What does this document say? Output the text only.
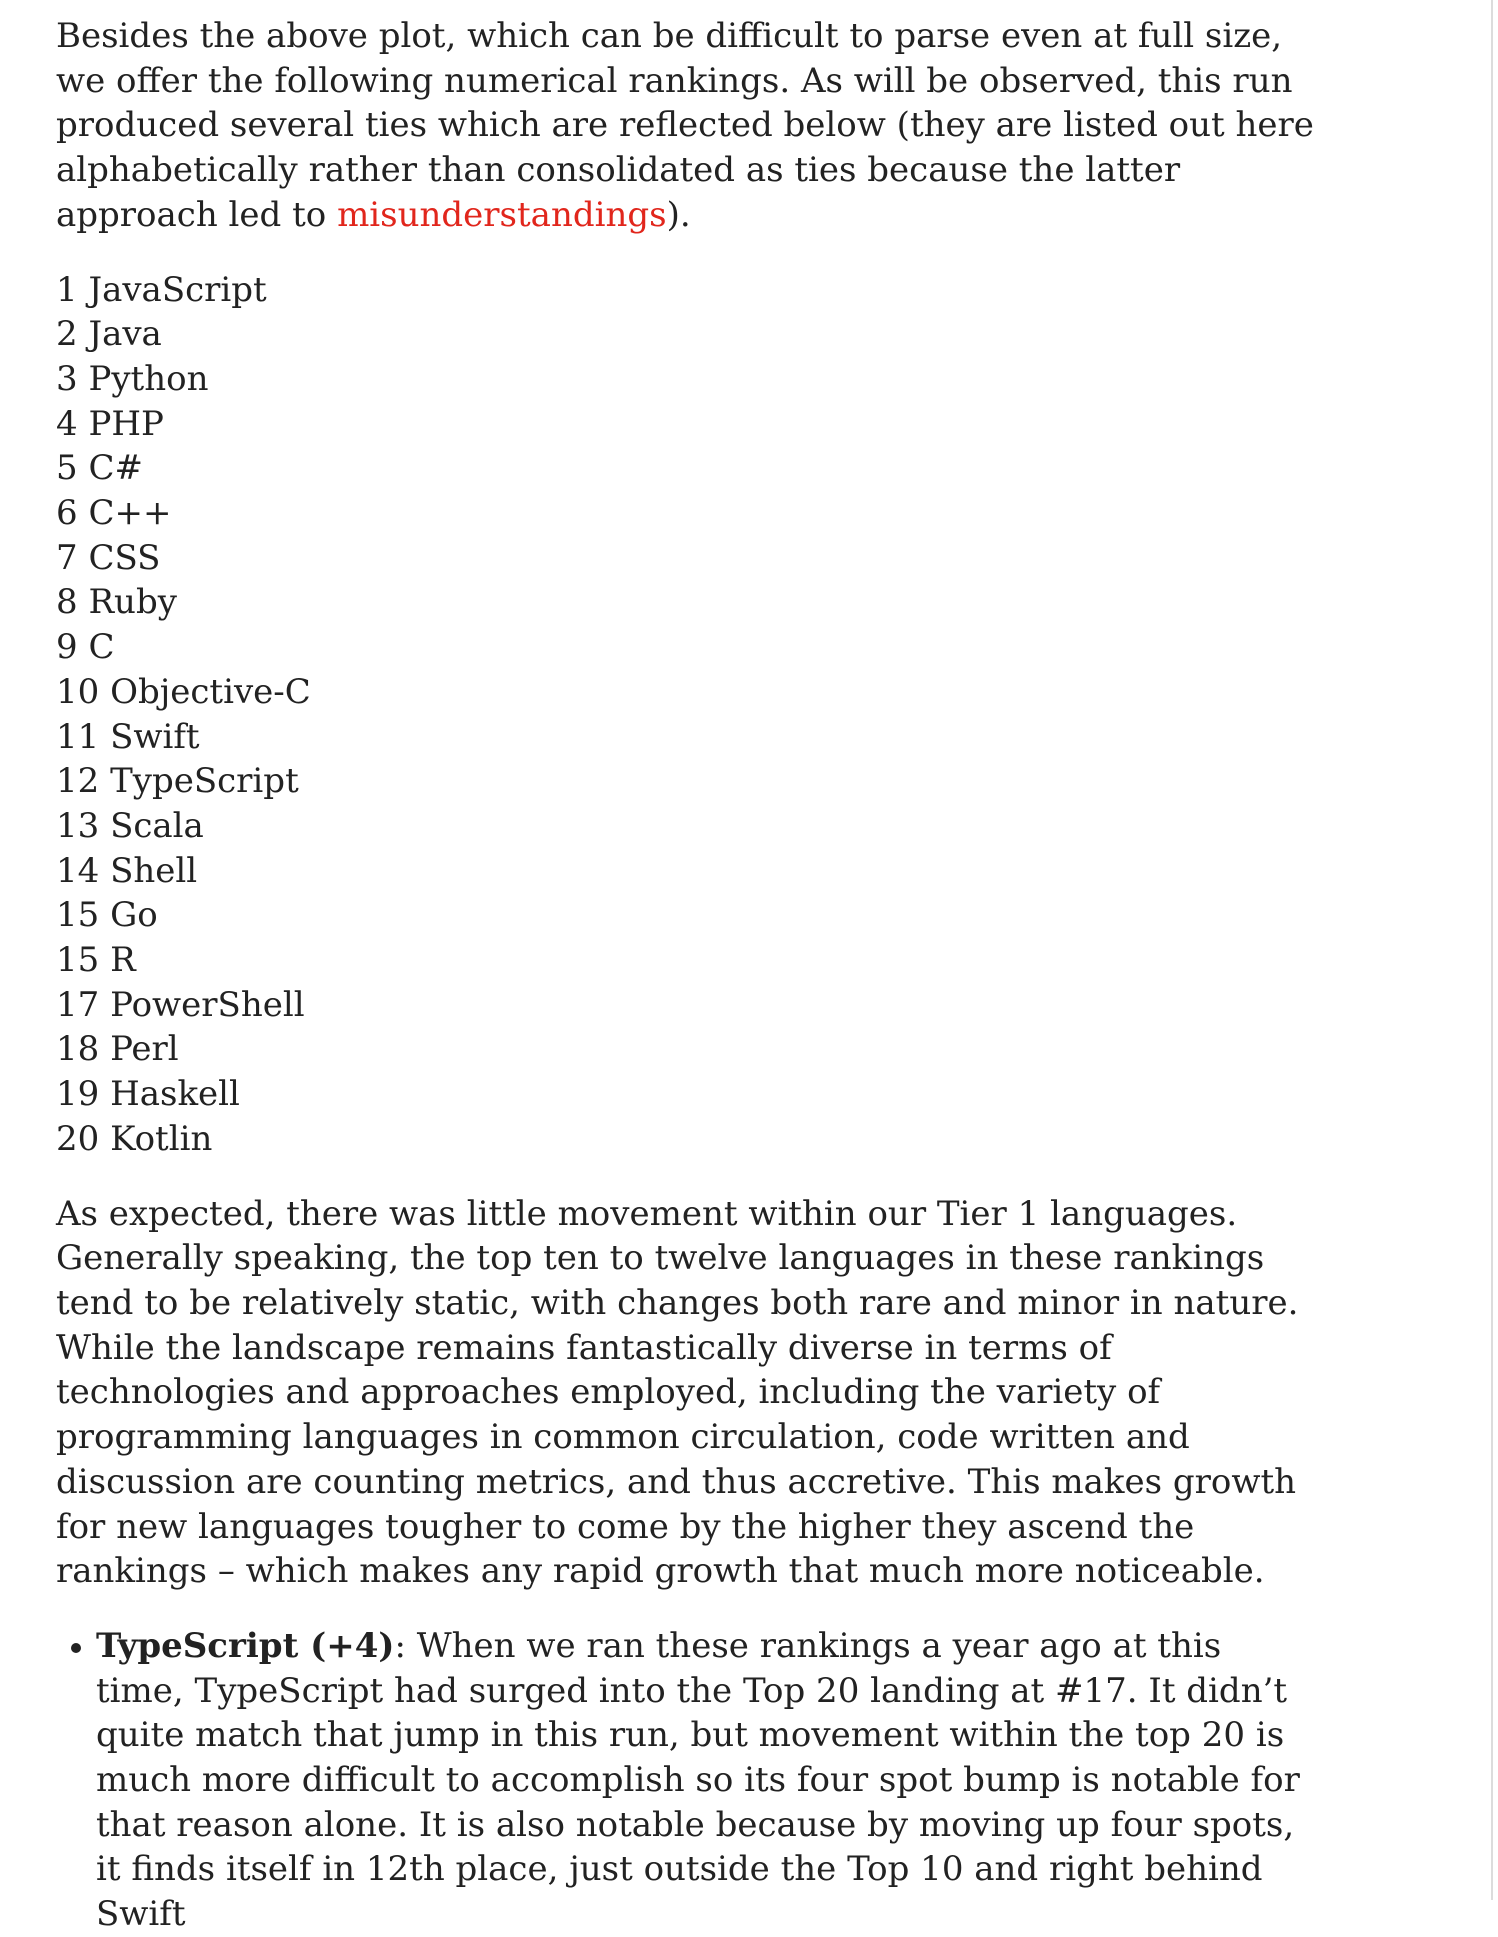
Besides the above plot, which can be difficult to parse even at full size, we offer the following numerical rankings. As will be observed, this run produced several ties which are reflected below (they are listed out here alphabetically rather than consolidated as ties because the latter approach led to misunderstandings).

1 JavaScript
2 Java
3 Python
4 PHP
5 C#
6 C++
7 CSS
8 Ruby
9 C
10 Objective-C
11 Swift
12 TypeScript
13 Scala
14 Shell
15 Go
15 R
17 PowerShell
18 Perl
19 Haskell
20 Kotlin

As expected, there was little movement within our Tier 1 languages. Generally speaking, the top ten to twelve languages in these rankings tend to be relatively static, with changes both rare and minor in nature. While the landscape remains fantastically diverse in terms of technologies and approaches employed, including the variety of programming languages in common circulation, code written and discussion are counting metrics, and thus accretive. This makes growth for new languages tougher to come by the higher they ascend the rankings – which makes any rapid growth that much more noticeable.

TypeScript (+4): When we ran these rankings a year ago at this time, TypeScript had surged into the Top 20 landing at #17. It didn’t quite match that jump in this run, but movement within the top 20 is much more difficult to accomplish so its four spot bump is notable for that reason alone. It is also notable because by moving up four spots, it finds itself in 12th place, just outside the Top 10 and right behind Swift
